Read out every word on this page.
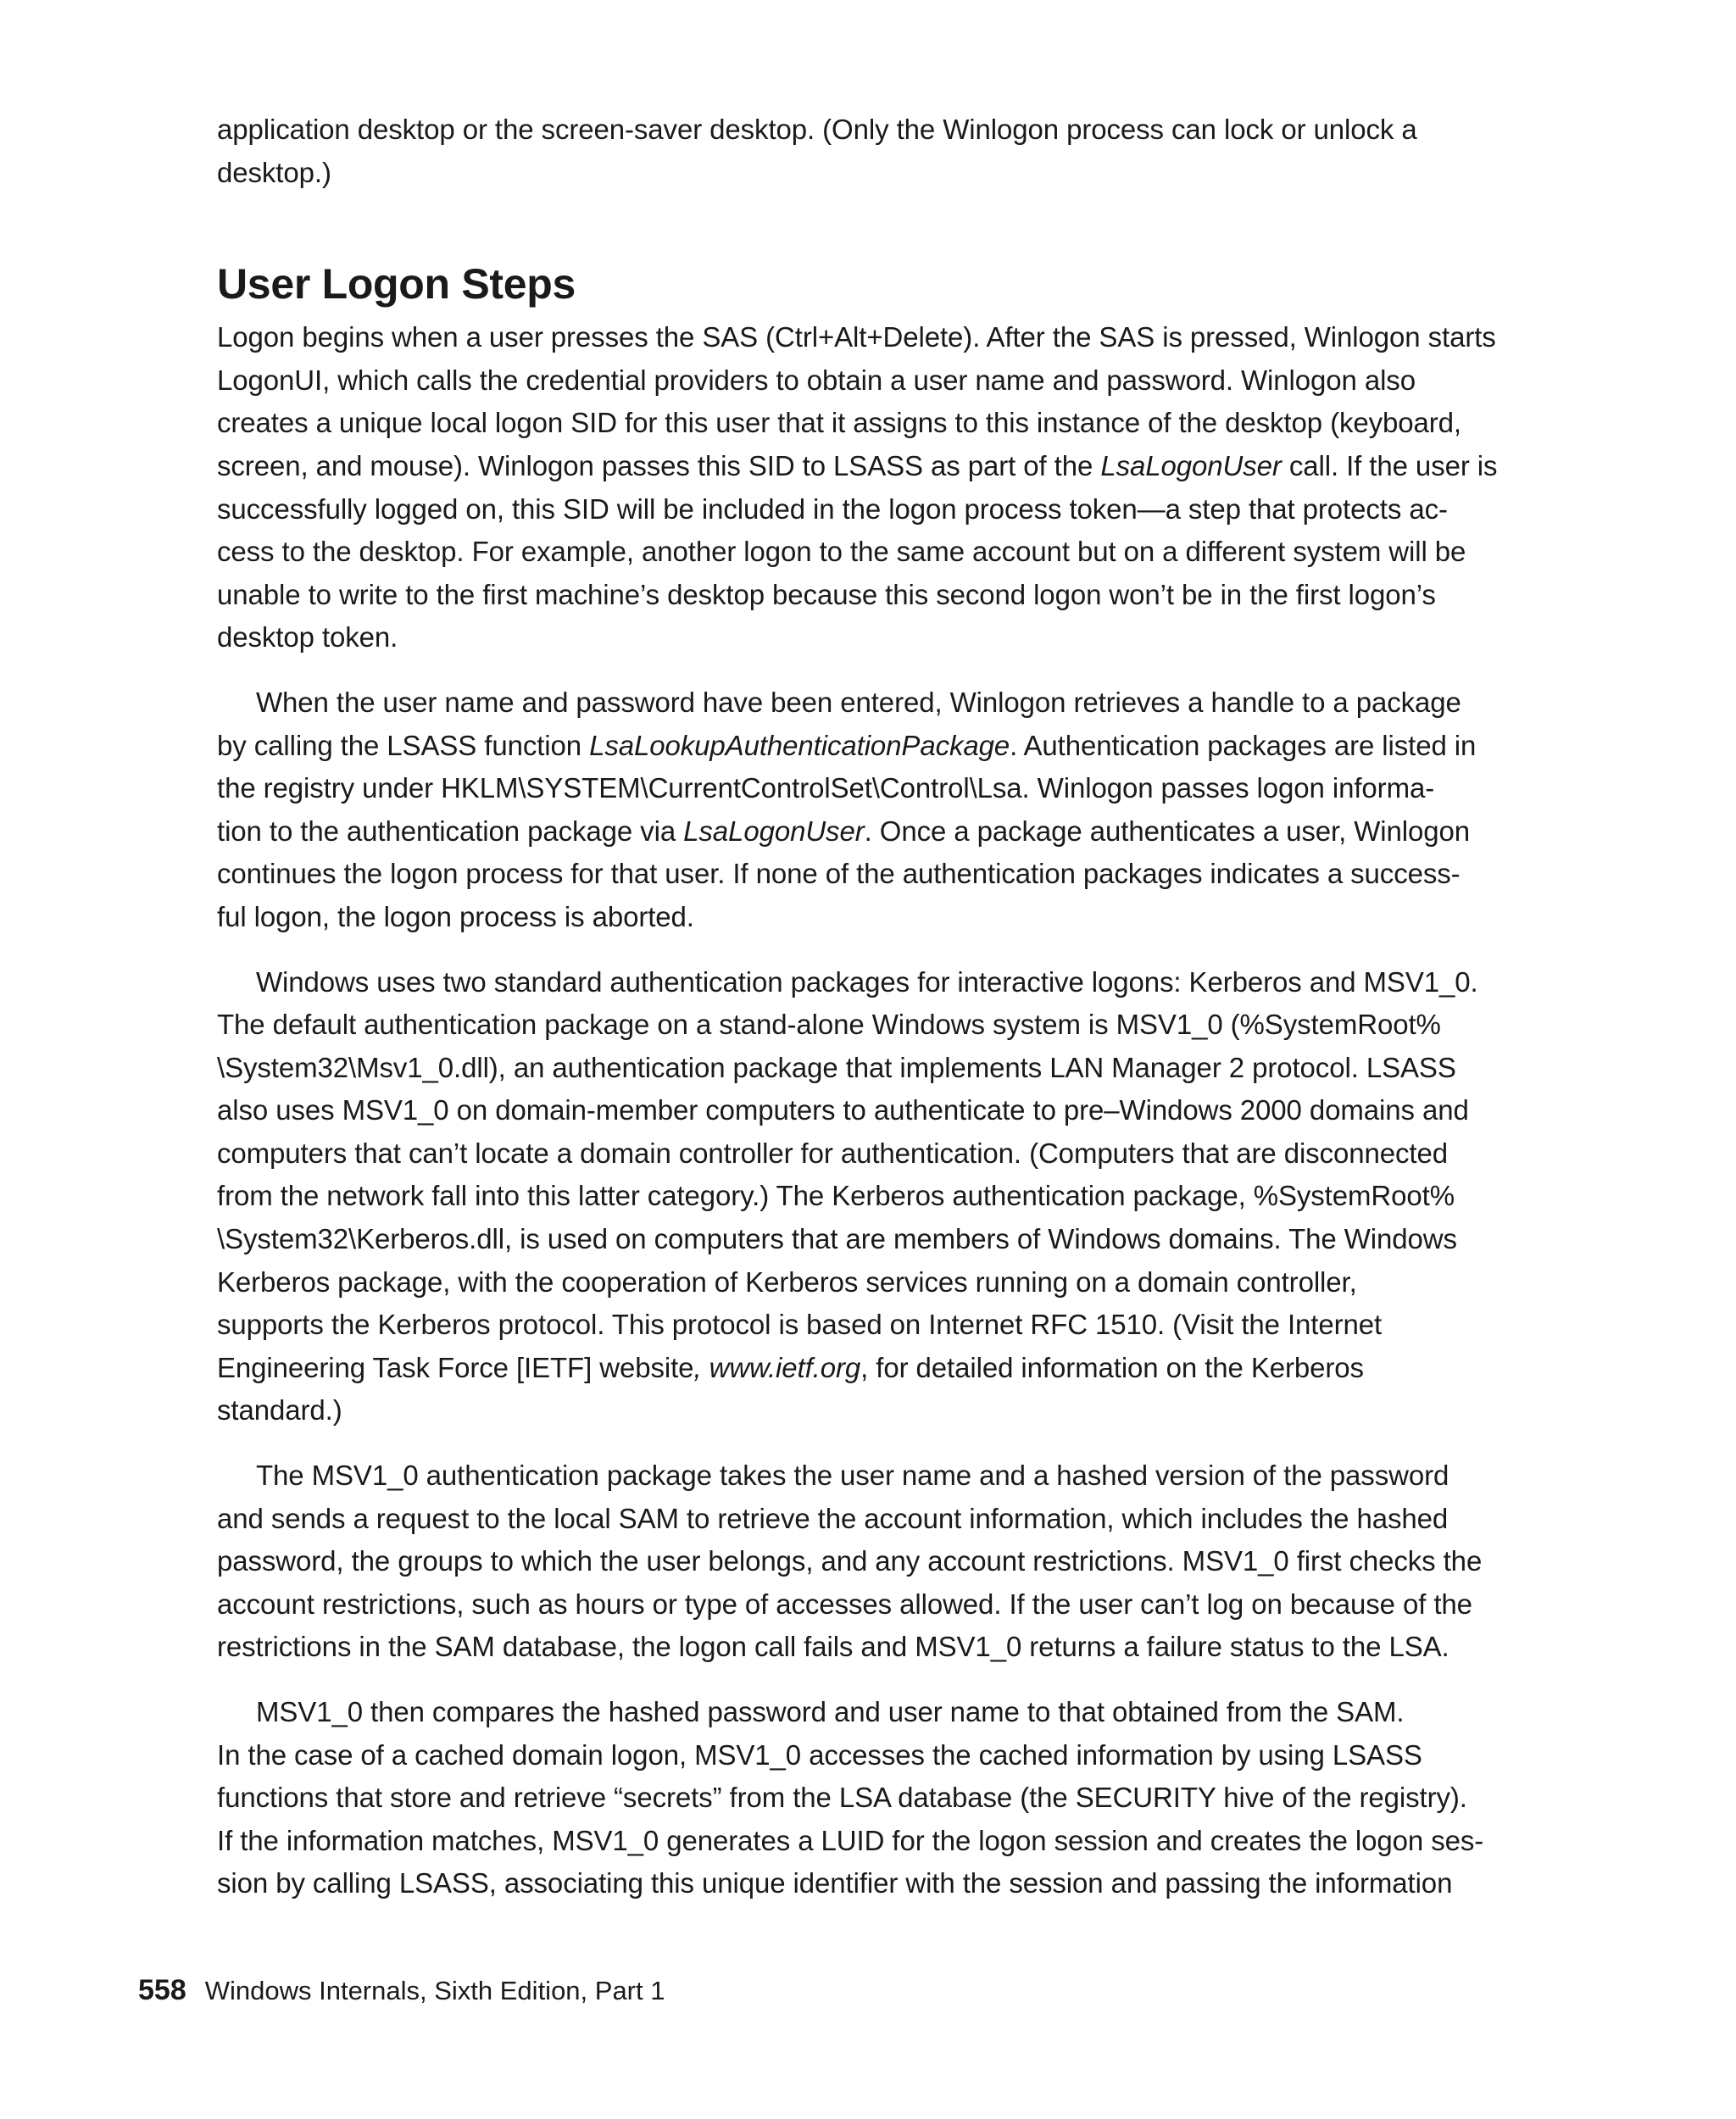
application desktop or the screen-saver desktop. (Only the Winlogon process can lock or unlock a
desktop.)
User Logon Steps
Logon begins when a user presses the SAS (Ctrl+Alt+Delete). After the SAS is pressed, Winlogon starts
LogonUI, which calls the credential providers to obtain a user name and password. Winlogon also
creates a unique local logon SID for this user that it assigns to this instance of the desktop (keyboard,
screen, and mouse). Winlogon passes this SID to LSASS as part of the LsaLogonUser call. If the user is
successfully logged on, this SID will be included in the logon process token—a step that protects ac-
cess to the desktop. For example, another logon to the same account but on a different system will be
unable to write to the first machine’s desktop because this second logon won’t be in the first logon’s
desktop token.
When the user name and password have been entered, Winlogon retrieves a handle to a package
by calling the LSASS function LsaLookupAuthenticationPackage. Authentication packages are listed in
the registry under HKLM\SYSTEM\CurrentControlSet\Control\Lsa. Winlogon passes logon informa-
tion to the authentication package via LsaLogonUser. Once a package authenticates a user, Winlogon
continues the logon process for that user. If none of the authentication packages indicates a success-
ful logon, the logon process is aborted.
Windows uses two standard authentication packages for interactive logons: Kerberos and MSV1_0.
The default authentication package on a stand-alone Windows system is MSV1_0 (%SystemRoot%
\System32\Msv1_0.dll), an authentication package that implements LAN Manager 2 protocol. LSASS
also uses MSV1_0 on domain-member computers to authenticate to pre–Windows 2000 domains and
computers that can’t locate a domain controller for authentication. (Computers that are disconnected
from the network fall into this latter category.) The Kerberos authentication package, %SystemRoot%
\System32\Kerberos.dll, is used on computers that are members of Windows domains. The Windows
Kerberos package, with the cooperation of Kerberos services running on a domain controller,
supports the Kerberos protocol. This protocol is based on Internet RFC 1510. (Visit the Internet
Engineering Task Force [IETF] website, www.ietf.org, for detailed information on the Kerberos
standard.)
The MSV1_0 authentication package takes the user name and a hashed version of the password
and sends a request to the local SAM to retrieve the account information, which includes the hashed
password, the groups to which the user belongs, and any account restrictions. MSV1_0 first checks the
account restrictions, such as hours or type of accesses allowed. If the user can’t log on because of the
restrictions in the SAM database, the logon call fails and MSV1_0 returns a failure status to the LSA.
MSV1_0 then compares the hashed password and user name to that obtained from the SAM.
In the case of a cached domain logon, MSV1_0 accesses the cached information by using LSASS
functions that store and retrieve “secrets” from the LSA database (the SECURITY hive of the registry).
If the information matches, MSV1_0 generates a LUID for the logon session and creates the logon ses-
sion by calling LSASS, associating this unique identifier with the session and passing the information
558 Windows Internals, Sixth Edition, Part 1
